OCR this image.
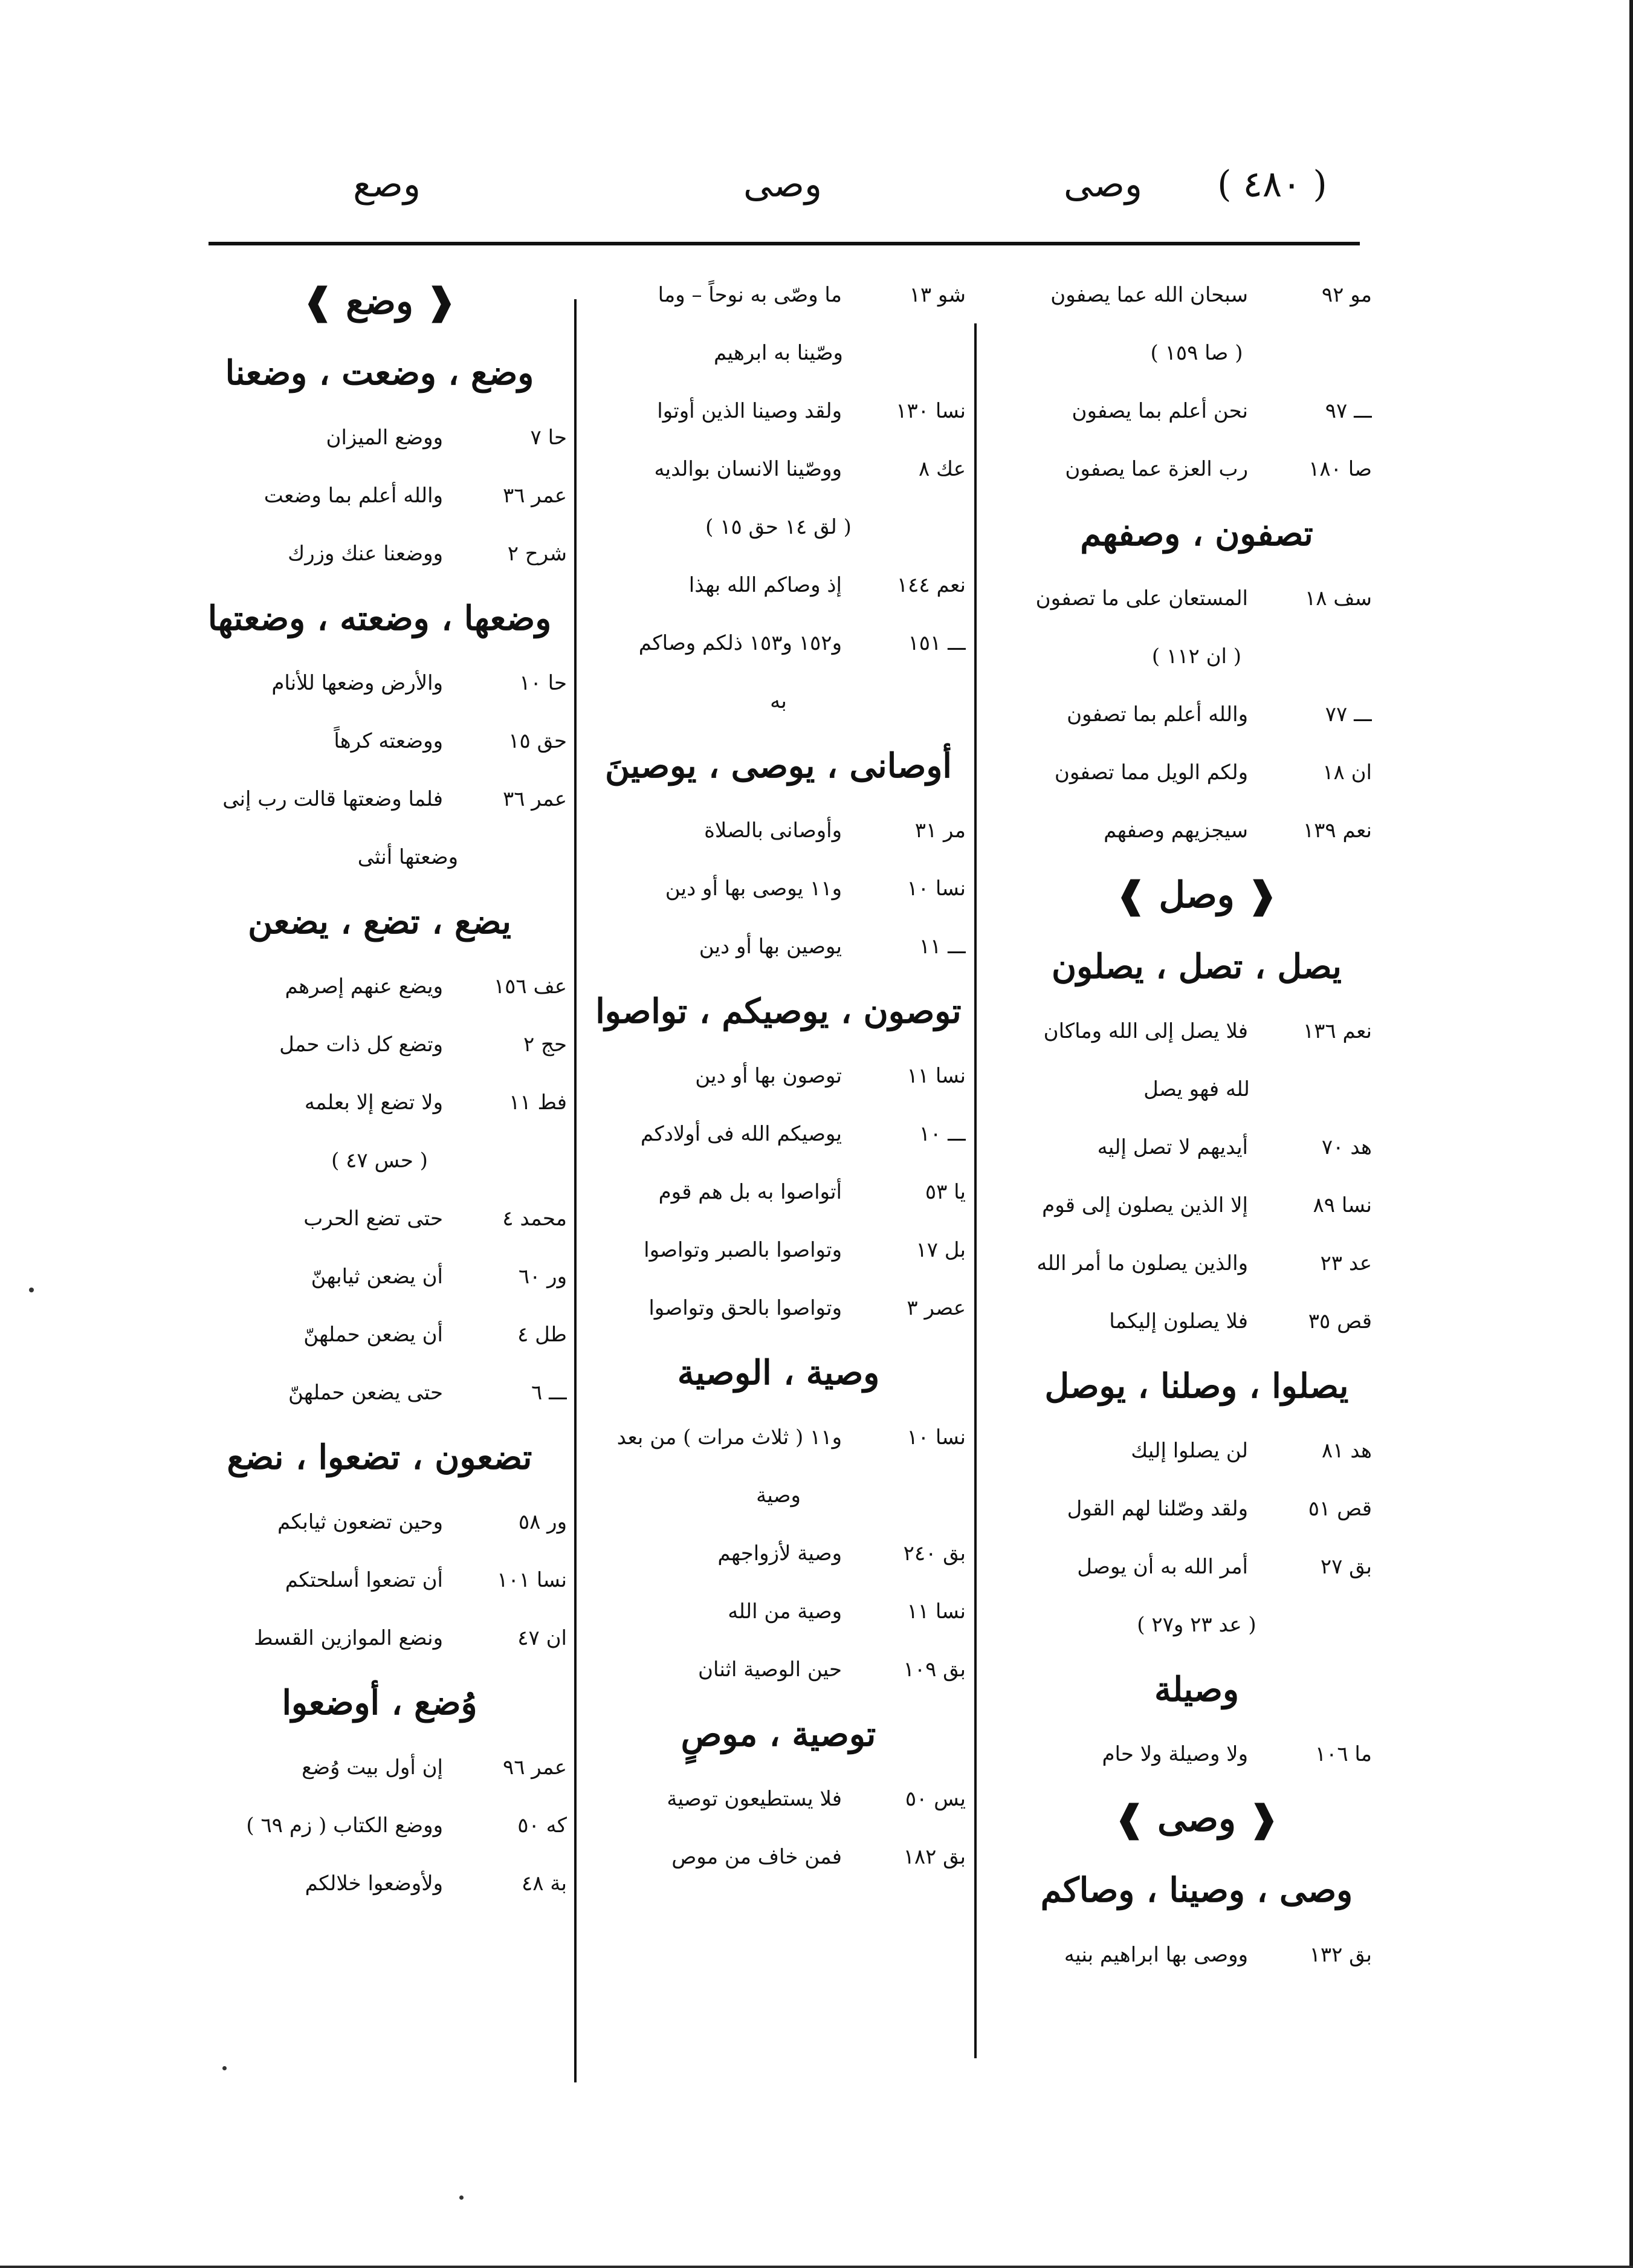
( ٤٨٠ )
وصى
وصى
وصع
مو ٩٢
سبحان الله عما يصفون
( صا ١٥٩ )
ـــ ٩٧
نحن أعلم بما يصفون
صا ١٨٠
رب العزة عما يصفون
تصفون ، وصفهم
سف ١٨
المستعان على ما تصفون
( ان ١١٢ )
ـــ ٧٧
والله أعلم بما تصفون
ان ١٨
ولكم الويل مما تصفون
نعم ١٣٩
سيجزيهم وصفهم
❰ وصل ❱
يصل ، تصل ، يصلون
نعم ١٣٦
فلا يصل إلى الله وماكان
لله فهو يصل
هد ٧٠
أيديهم لا تصل إليه
نسا ٨٩
إلا الذين يصلون إلى قوم
عد ٢٣
والذين يصلون ما أمر الله
قص ٣٥
فلا يصلون إليكما
يصلوا ، وصلنا ، يوصل
هد ٨١
لن يصلوا إليك
قص ٥١
ولقد وصّلنا لهم القول
بق ٢٧
أمر الله به أن يوصل
( عد ٢٣ و٢٧ )
وصيلة
ما ١٠٦
ولا وصيلة ولا حام
❰ وصى ❱
وصى ، وصينا ، وصاكم
بق ١٣٢
ووصى بها ابراهيم بنيه
شو ١٣
ما وصّى به نوحاً – وما
وصّينا به ابرهيم
نسا ١٣٠
ولقد وصينا الذين أوتوا
عك ٨
ووصّينا الانسان بوالديه
( لق ١٤ حق ١٥ )
نعم ١٤٤
إذ وصاكم الله بهذا
ـــ ١٥١
و١٥٢ و١٥٣ ذلكم وصاكم
به
أوصانى ، يوصى ، يوصينَ
مر ٣١
وأوصانى بالصلاة
نسا ١٠
و١١ يوصى بها أو دين
ـــ ١١
يوصين بها أو دين
توصون ، يوصيكم ، تواصوا
نسا ١١
توصون بها أو دين
ـــ ١٠
يوصيكم الله فى أولادكم
يا ٥٣
أتواصوا به بل هم قوم
بل ١٧
وتواصوا بالصبر وتواصوا
عصر ٣
وتواصوا بالحق وتواصوا
وصية ، الوصية
نسا ١٠
و١١ ( ثلاث مرات ) من بعد
وصية
بق ٢٤٠
وصية لأزواجهم
نسا ١١
وصية من الله
بق ١٠٩
حين الوصية اثنان
توصية ، موصٍ
يس ٥٠
فلا يستطيعون توصية
بق ١٨٢
فمن خاف من موص
❰ وضع ❱
وضع ، وضعت ، وضعنا
حا ٧
ووضع الميزان
عمر ٣٦
والله أعلم بما وضعت
شرح ٢
ووضعنا عنك وزرك
وضعها ، وضعته ، وضعتها
حا ١٠
والأرض وضعها للأنام
حق ١٥
ووضعته كرهاً
عمر ٣٦
فلما وضعتها قالت رب إنى
وضعتها أنثى
يضع ، تضع ، يضعن
عف ١٥٦
ويضع عنهم إصرهم
حج ٢
وتضع كل ذات حمل
فط ١١
ولا تضع إلا بعلمه
( حس ٤٧ )
محمد ٤
حتى تضع الحرب
ور ٦٠
أن يضعن ثيابهنّ
طل ٤
أن يضعن حملهنّ
ـــ ٦
حتى يضعن حملهنّ
تضعون ، تضعوا ، نضع
ور ٥٨
وحين تضعون ثيابكم
نسا ١٠١
أن تضعوا أسلحتكم
ان ٤٧
ونضع الموازين القسط
وُضع ، أوضعوا
عمر ٩٦
إن أول بيت وُضع
كه ٥٠
ووضع الكتاب ( زم ٦٩ )
بة ٤٨
ولأوضعوا خلالكم
